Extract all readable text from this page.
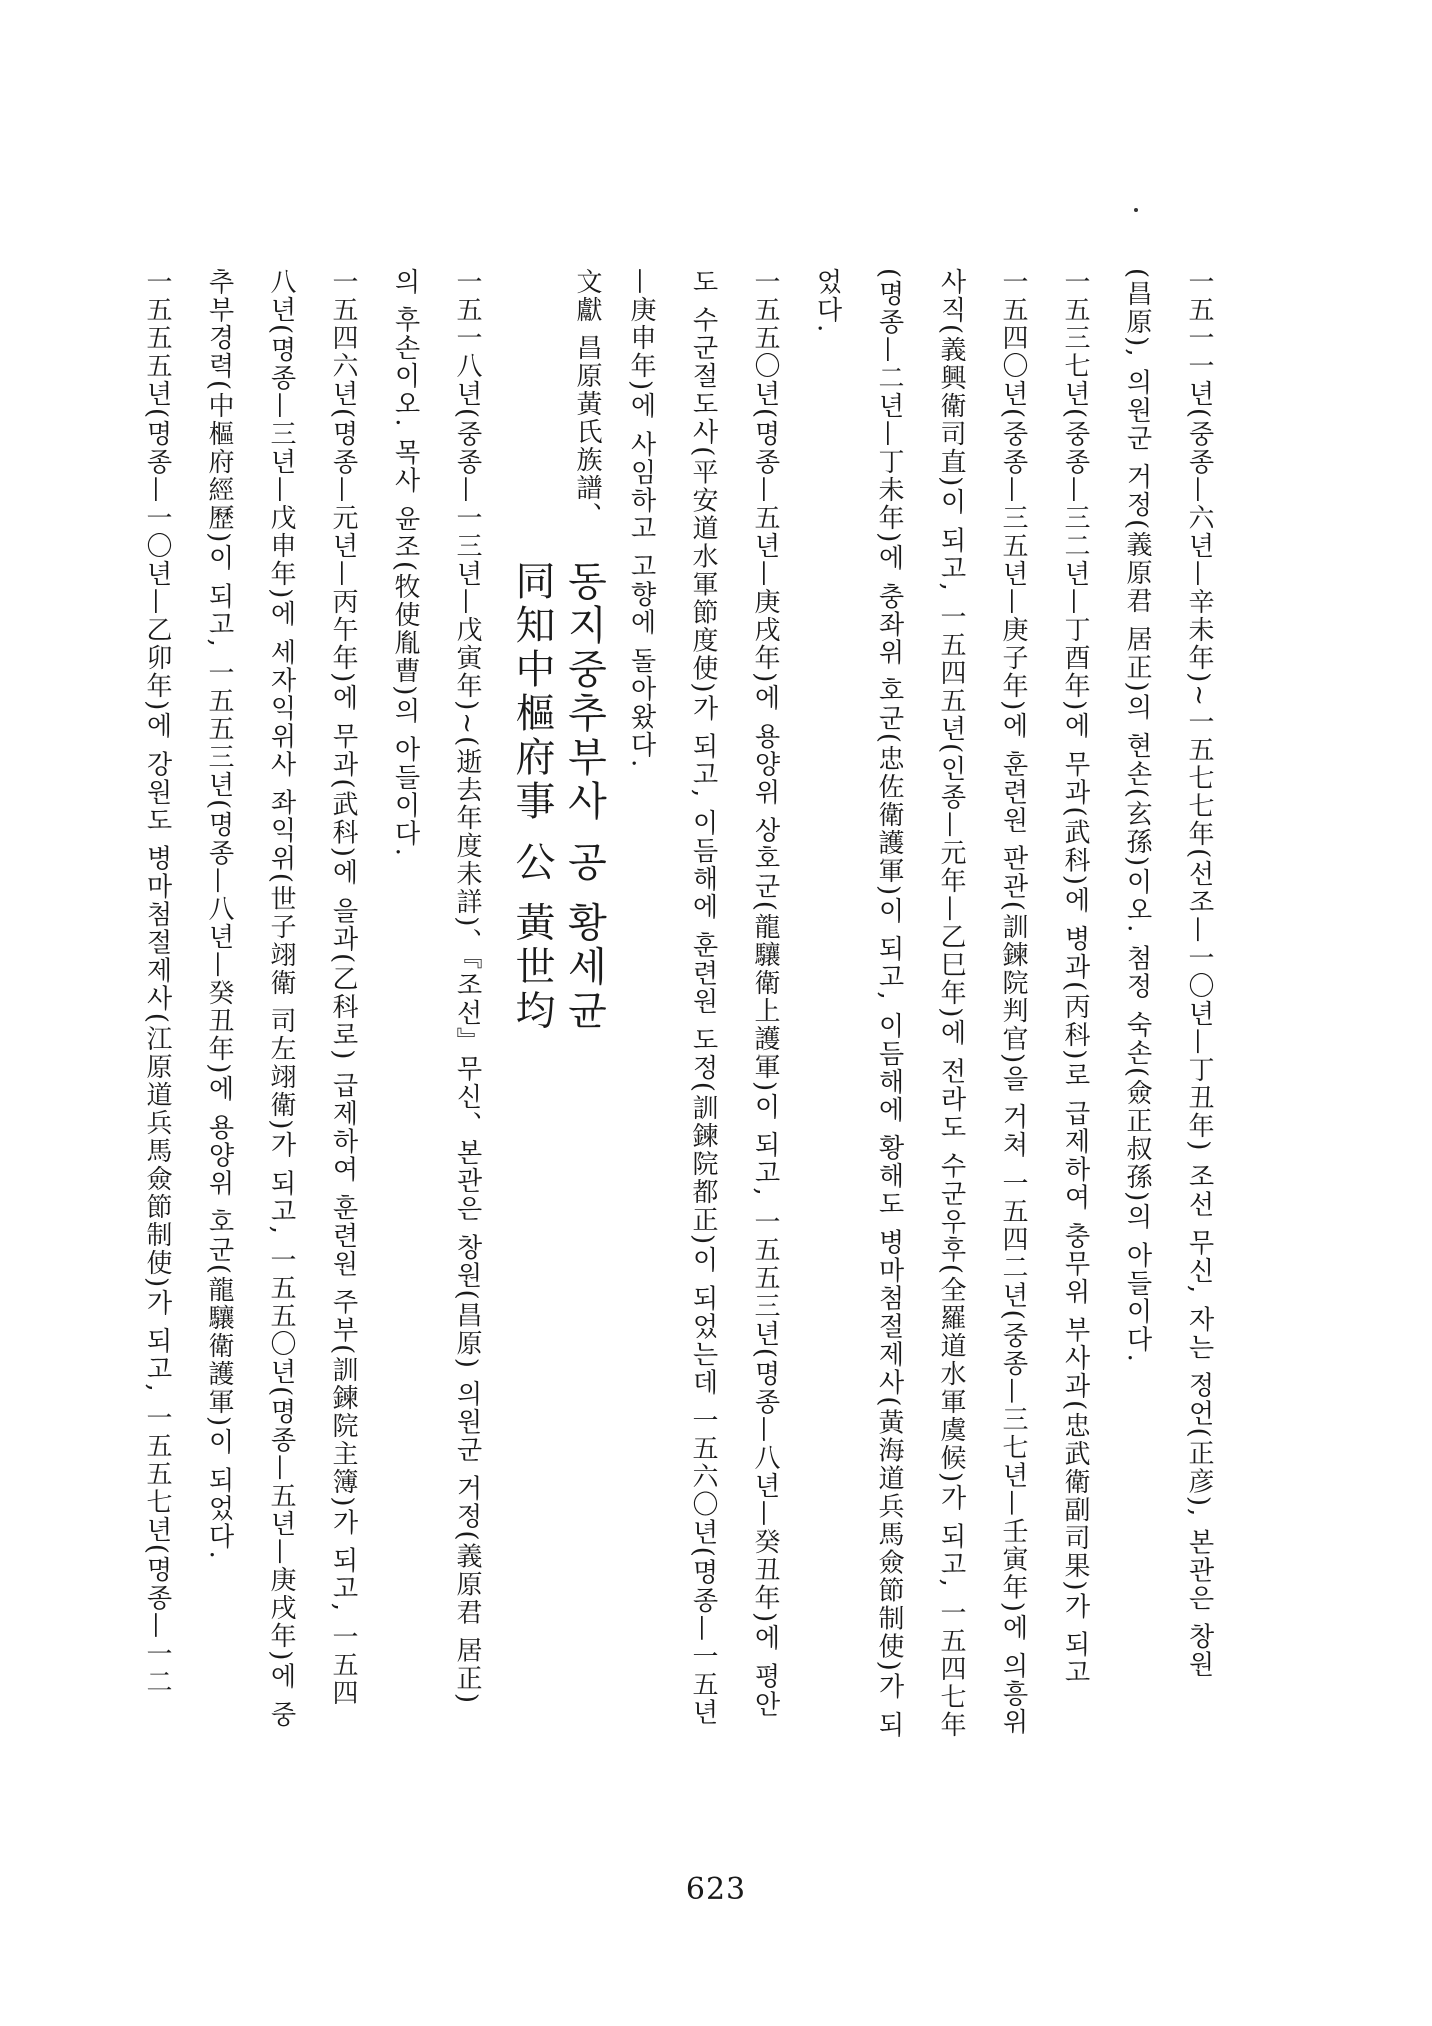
一五一一년(중종—六년—辛未年)~一五七七年(선조—一〇년—丁丑年) 조선 무신, 자는 정언(正彦), 본관은 창원
(昌原), 의원군 거정(義原君 居正)의 현손(玄孫)이오. 첨정 숙손(僉正叔孫)의 아들이다.
一五三七년(중종—三二년—丁酉年)에 무과(武科)에 병과(丙科)로 급제하여 충무위 부사과(忠武衛副司果)가 되고
一五四〇년(중종—三五년—庚子年)에 훈련원 판관(訓鍊院判官)을 거쳐 一五四二년(중종—三七년—壬寅年)에 의흥위
사직(義興衛司直)이 되고, 一五四五년(인종—元年—乙巳年)에 전라도 수군우후(全羅道水軍虞候)가 되고, 一五四七年
(명종—二년—丁未年)에 충좌위 호군(忠佐衛護軍)이 되고, 이듬해에 황해도 병마첨절제사(黃海道兵馬僉節制使)가 되
었다.
一五五〇년(명종—五년—庚戌年)에 용양위 상호군(龍驤衛上護軍)이 되고, 一五五三년(명종—八년—癸丑年)에 평안
도 수군절도사(平安道水軍節度使)가 되고, 이듬해에 훈련원 도정(訓鍊院都正)이 되었는데 一五六〇년(명종—一五년
—庚申年)에 사임하고 고향에 돌아왔다.
文獻 昌原黃氏族譜、
동지중추부사 공 황세균
同知中樞府事 公 黃世均
一五一八년(중종—一三년—戊寅年)~(逝去年度未詳)、『조선』무신、본관은 창원(昌原) 의원군 거정(義原君 居正)
의 후손이오. 목사 윤조(牧使胤曹)의 아들이다.
一五四六년(명종—元년—丙午年)에 무과(武科)에 을과(乙科로) 급제하여 훈련원 주부(訓鍊院主簿)가 되고, 一五四
八년(명종—三년—戊申年)에 세자익위사 좌익위(世子翊衛 司左翊衛)가 되고, 一五五〇년(명종—五년—庚戌年)에 중
추부경력(中樞府經歷)이 되고, 一五五三년(명종—八년—癸丑年)에 용양위 호군(龍驤衛護軍)이 되었다.
一五五五년(명종—一〇년—乙卯年)에 강원도 병마첨절제사(江原道兵馬僉節制使)가 되고, 一五五七년(명종—一二
623
